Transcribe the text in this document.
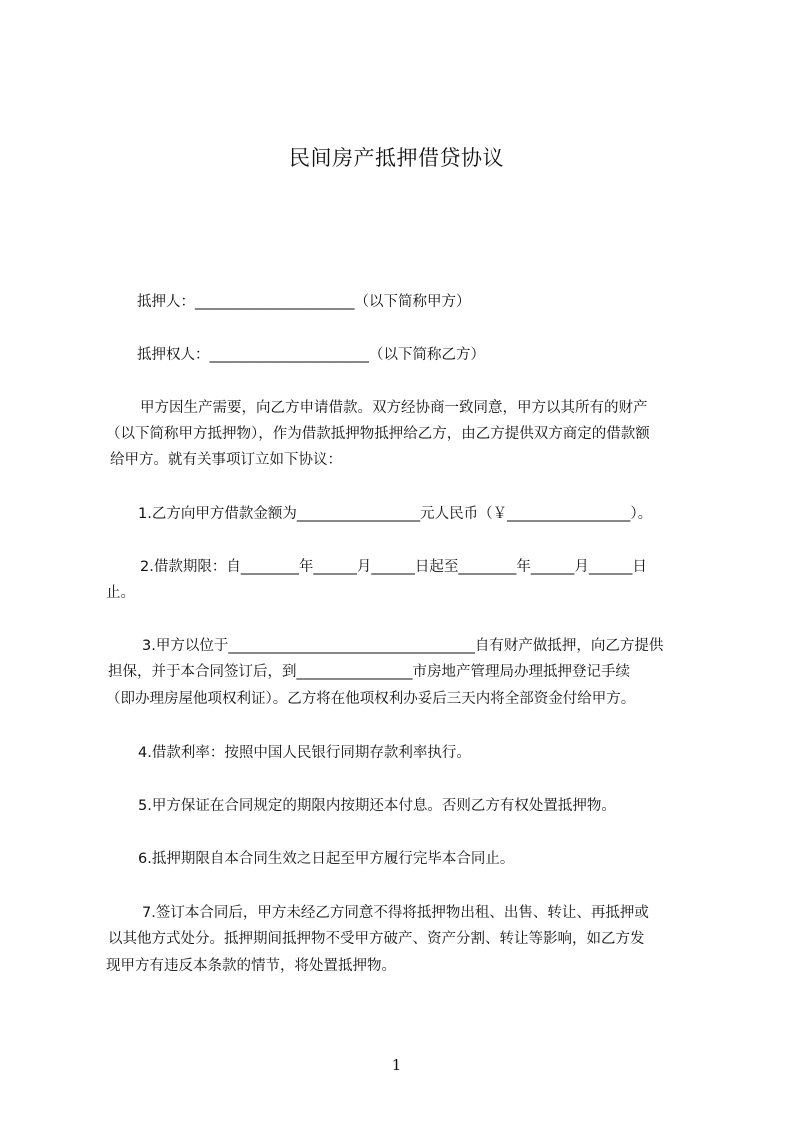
民间房产抵押借贷协议
抵押人：______________________（以下简称甲方）
抵押权人：______________________（以下简称乙方）
甲方因生产需要，向乙方申请借款。双方经协商一致同意，甲方以其所有的财产
（以下简称甲方抵押物），作为借款抵押物抵押给乙方，由乙方提供双方商定的借款额
给甲方。就有关事项订立如下协议：
1.乙方向甲方借款金额为_________________元人民币（￥_________________）。
2.借款期限：自________年______月______日起至________年______月______日
止。
3.甲方以位于__________________________________自有财产做抵押，向乙方提供
担保，并于本合同签订后，到________________市房地产管理局办理抵押登记手续
（即办理房屋他项权利证）。乙方将在他项权利办妥后三天内将全部资金付给甲方。
4.借款利率：按照中国人民银行同期存款利率执行。
5.甲方保证在合同规定的期限内按期还本付息。否则乙方有权处置抵押物。
6.抵押期限自本合同生效之日起至甲方履行完毕本合同止。
7.签订本合同后，甲方未经乙方同意不得将抵押物出租、出售、转让、再抵押或
以其他方式处分。抵押期间抵押物不受甲方破产、资产分割、转让等影响，如乙方发
现甲方有违反本条款的情节，将处置抵押物。
1
